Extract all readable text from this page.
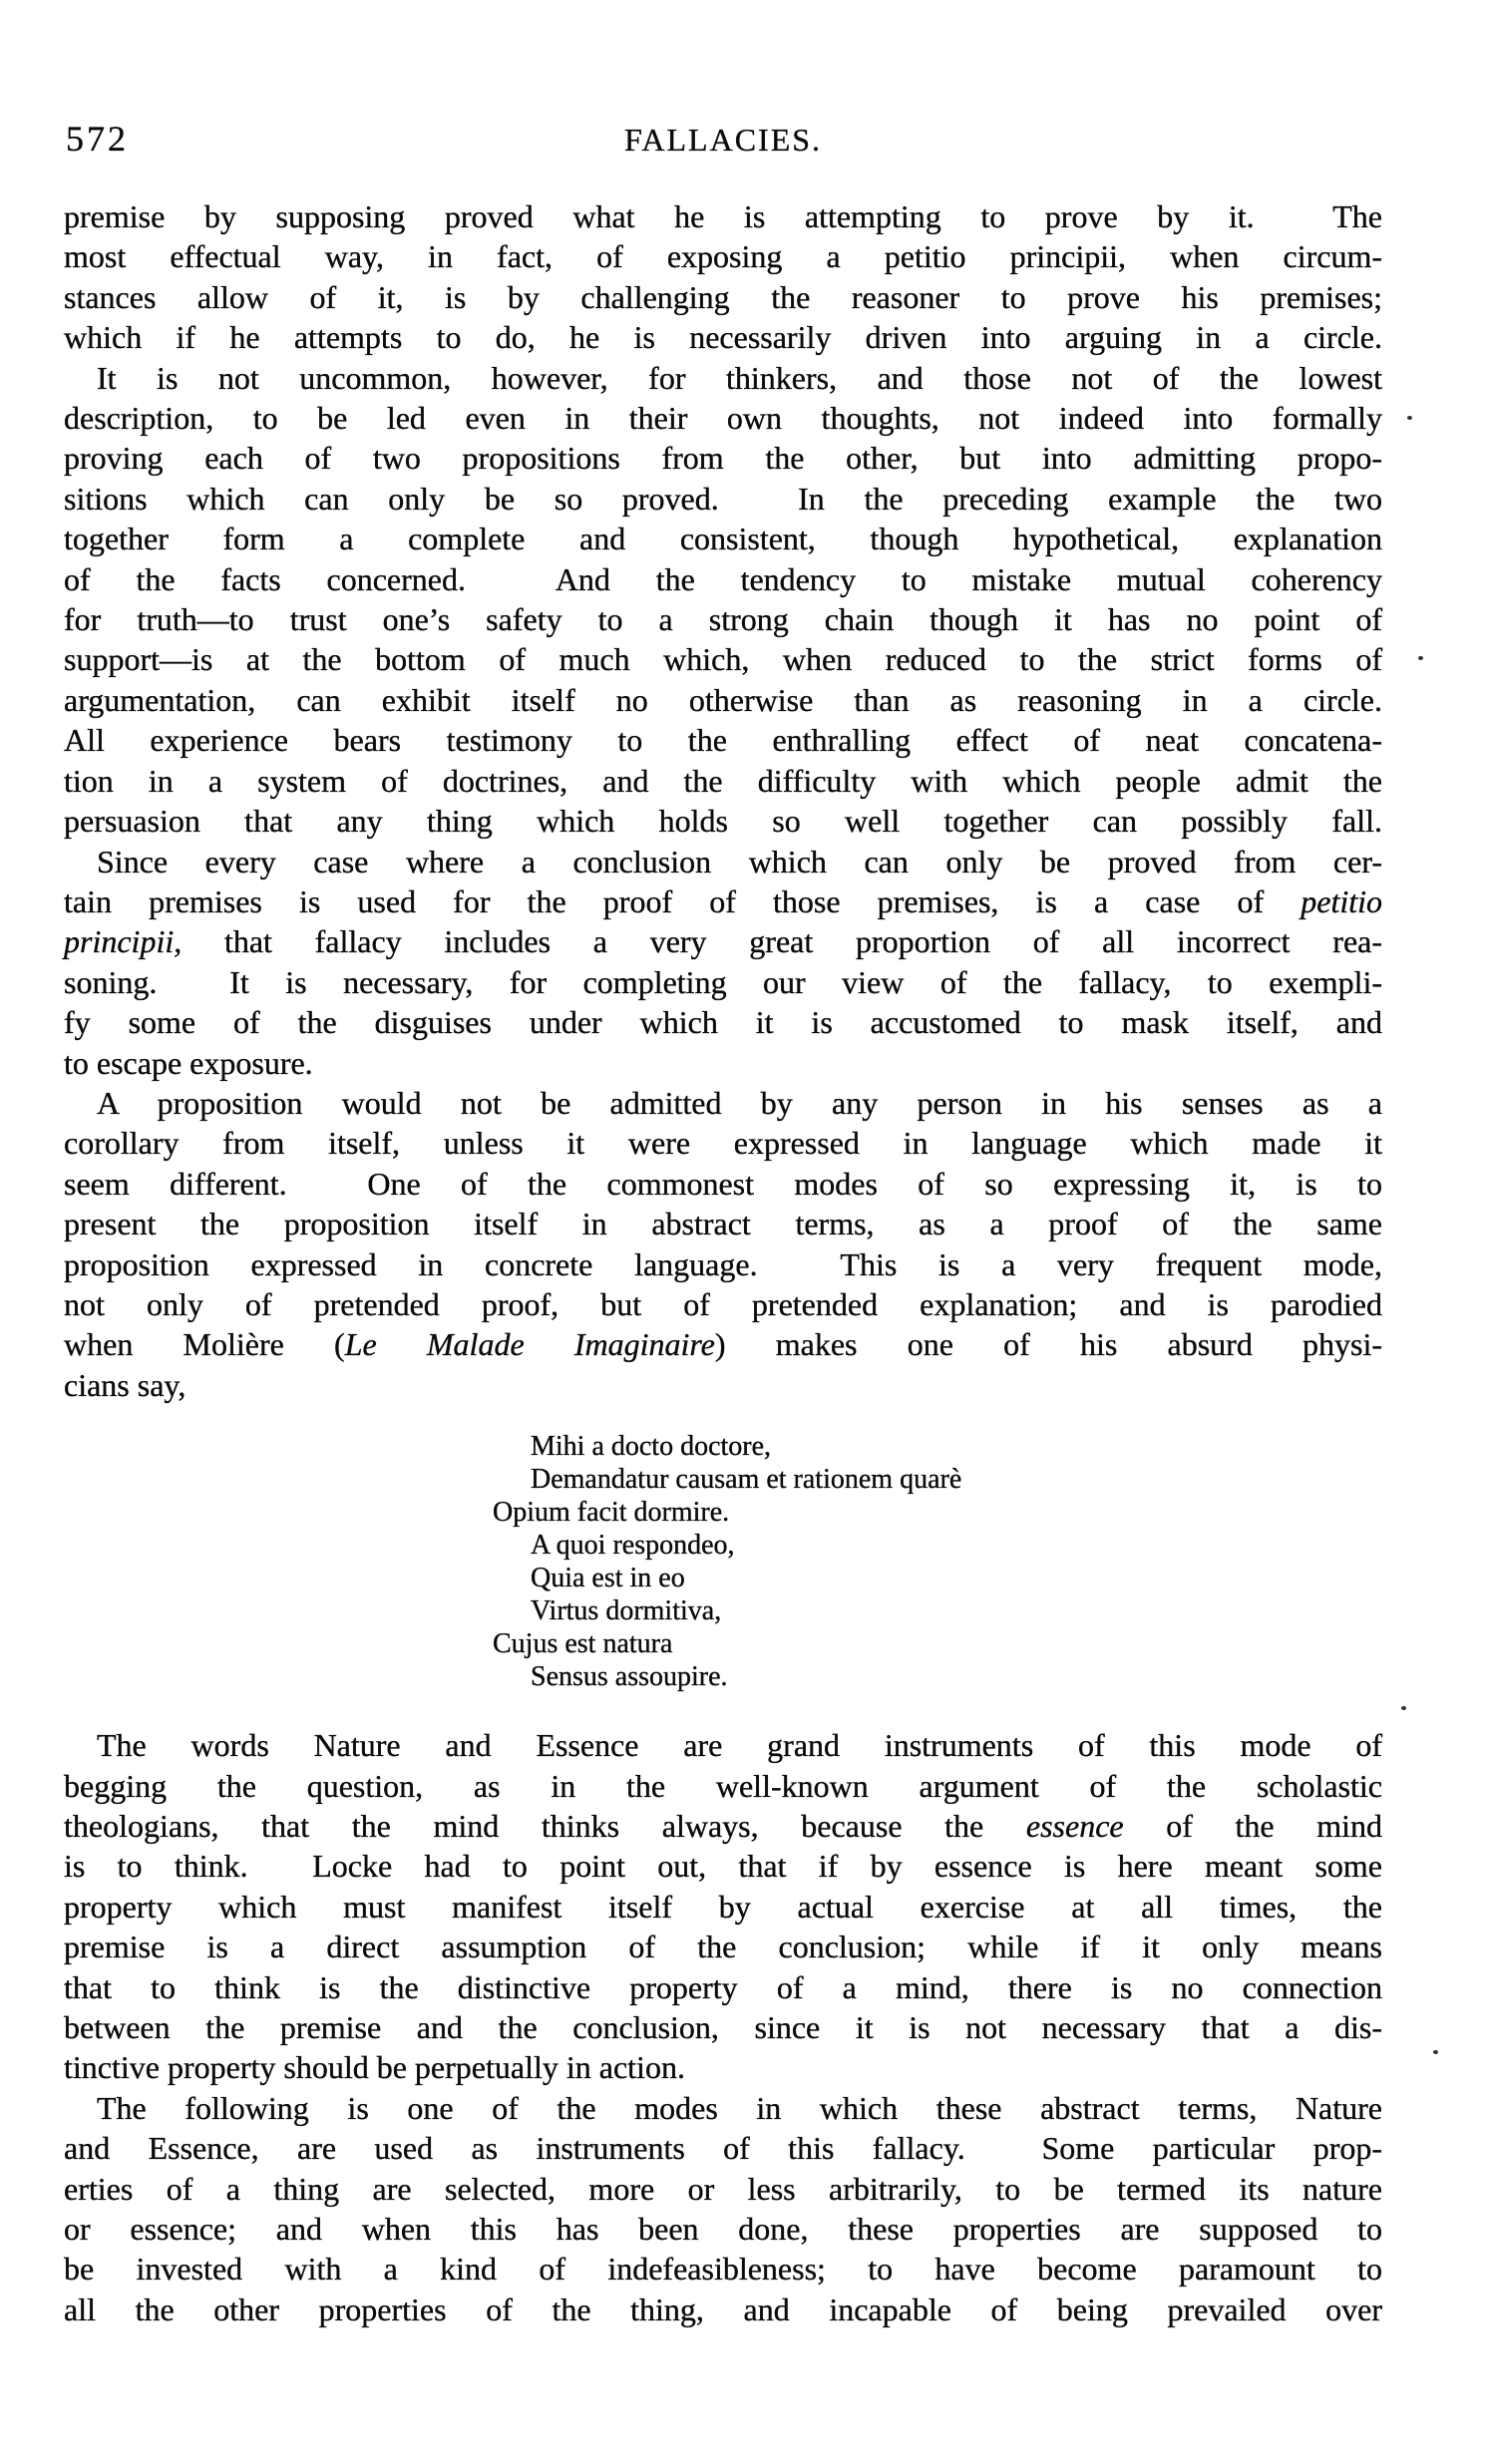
572	FALLACIES.
premise by supposing proved what he is attempting to prove by it.  The
most effectual way, in fact, of exposing a petitio principii, when circum-
stances allow of it, is by challenging the reasoner to prove his premises;
which if he attempts to do, he is necessarily driven into arguing in a circle.
It is not uncommon, however, for thinkers, and those not of the lowest
description, to be led even in their own thoughts, not indeed into formally
proving each of two propositions from the other, but into admitting propo-
sitions which can only be so proved.  In the preceding example the two
together form a complete and consistent, though hypothetical, explanation
of the facts concerned.  And the tendency to mistake mutual coherency
for truth—to trust one’s safety to a strong chain though it has no point of
support—is at the bottom of much which, when reduced to the strict forms of
argumentation, can exhibit itself no otherwise than as reasoning in a circle.
All experience bears testimony to the enthralling effect of neat concatena-
tion in a system of doctrines, and the difficulty with which people admit the
persuasion that any thing which holds so well together can possibly fall.
Since every case where a conclusion which can only be proved from cer-
tain premises is used for the proof of those premises, is a case of petitio
principii, that fallacy includes a very great proportion of all incorrect rea-
soning.  It is necessary, for completing our view of the fallacy, to exempli-
fy some of the disguises under which it is accustomed to mask itself, and
to escape exposure.
A proposition would not be admitted by any person in his senses as a
corollary from itself, unless it were expressed in language which made it
seem different.  One of the commonest modes of so expressing it, is to
present the proposition itself in abstract terms, as a proof of the same
proposition expressed in concrete language.  This is a very frequent mode,
not only of pretended proof, but of pretended explanation; and is parodied
when Molière (Le Malade Imaginaire) makes one of his absurd physi-
cians say,
Mihi a docto doctore,
Demandatur causam et rationem quarè
Opium facit dormire.
A quoi respondeo,
Quia est in eo
Virtus dormitiva,
Cujus est natura
Sensus assoupire.
The words Nature and Essence are grand instruments of this mode of
begging the question, as in the well-known argument of the scholastic
theologians, that the mind thinks always, because the essence of the mind
is to think.  Locke had to point out, that if by essence is here meant some
property which must manifest itself by actual exercise at all times, the
premise is a direct assumption of the conclusion; while if it only means
that to think is the distinctive property of a mind, there is no connection
between the premise and the conclusion, since it is not necessary that a dis-
tinctive property should be perpetually in action.
The following is one of the modes in which these abstract terms, Nature
and Essence, are used as instruments of this fallacy.  Some particular prop-
erties of a thing are selected, more or less arbitrarily, to be termed its nature
or essence; and when this has been done, these properties are supposed to
be invested with a kind of indefeasibleness; to have become paramount to
all the other properties of the thing, and incapable of being prevailed over
